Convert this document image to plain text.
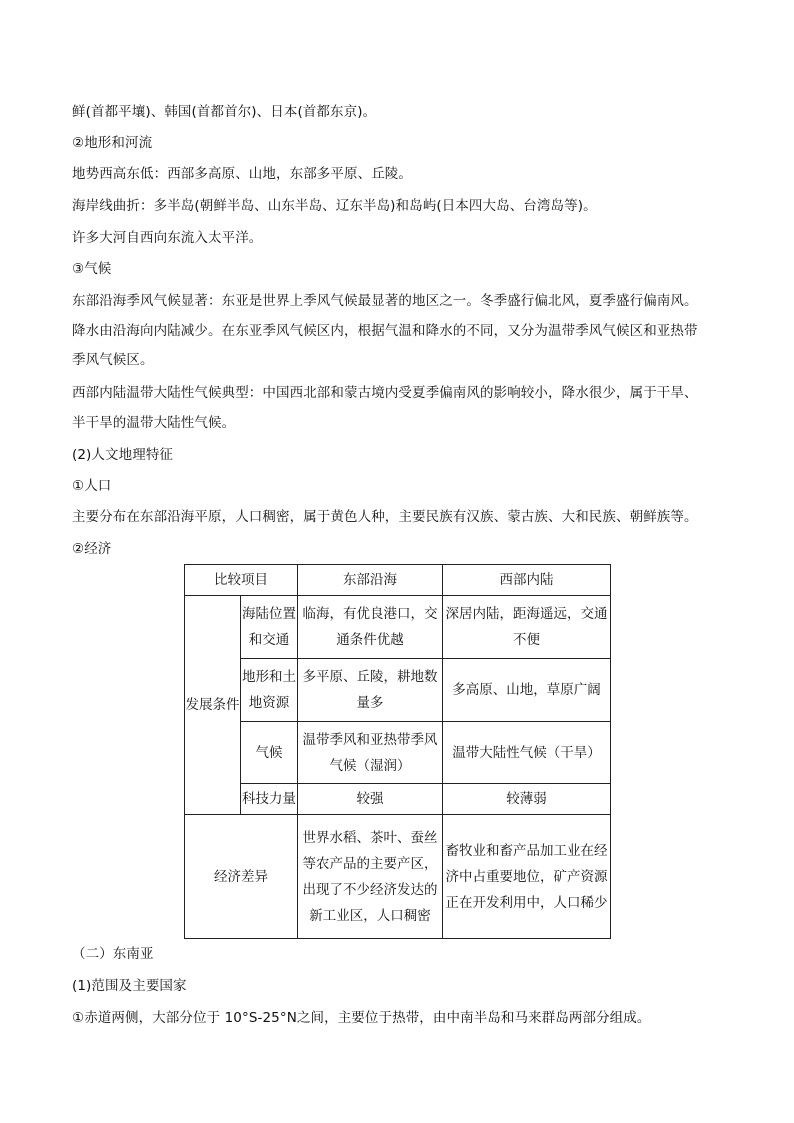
鲜(首都平壤)、韩国(首都首尔)、日本(首都东京)。
②地形和河流
地势西高东低：西部多高原、山地，东部多平原、丘陵。
海岸线曲折：多半岛(朝鲜半岛、山东半岛、辽东半岛)和岛屿(日本四大岛、台湾岛等)。
许多大河自西向东流入太平洋。
③气候
东部沿海季风气候显著：东亚是世界上季风气候最显著的地区之一。冬季盛行偏北风，夏季盛行偏南风。
降水由沿海向内陆减少。在东亚季风气候区内，根据气温和降水的不同，又分为温带季风气候区和亚热带
季风气候区。
西部内陆温带大陆性气候典型：中国西北部和蒙古境内受夏季偏南风的影响较小，降水很少，属于干旱、
半干旱的温带大陆性气候。
(2)人文地理特征
①人口
主要分布在东部沿海平原，人口稠密，属于黄色人种，主要民族有汉族、蒙古族、大和民族、朝鲜族等。
②经济
比较项目		东部沿海	西部内陆

发展条件	海陆位置和交通	临海，有优良港口，交通条件优越	深居内陆，距海遥远，交通不便

	地形和土地资源	多平原、丘陵，耕地数量多	多高原、山地，草原广阔

	气候	温带季风和亚热带季风气候（湿润）	温带大陆性气候（干旱）

	科技力量	较强	较薄弱

经济差异		世界水稻、茶叶、蚕丝等农产品的主要产区，出现了不少经济发达的新工业区，人口稠密	畜牧业和畜产品加工业在经济中占重要地位，矿产资源正在开发利用中，人口稀少
（二）东南亚
(1)范围及主要国家
①赤道两侧，大部分位于 10°S-25°N之间，主要位于热带，由中南半岛和马来群岛两部分组成。
